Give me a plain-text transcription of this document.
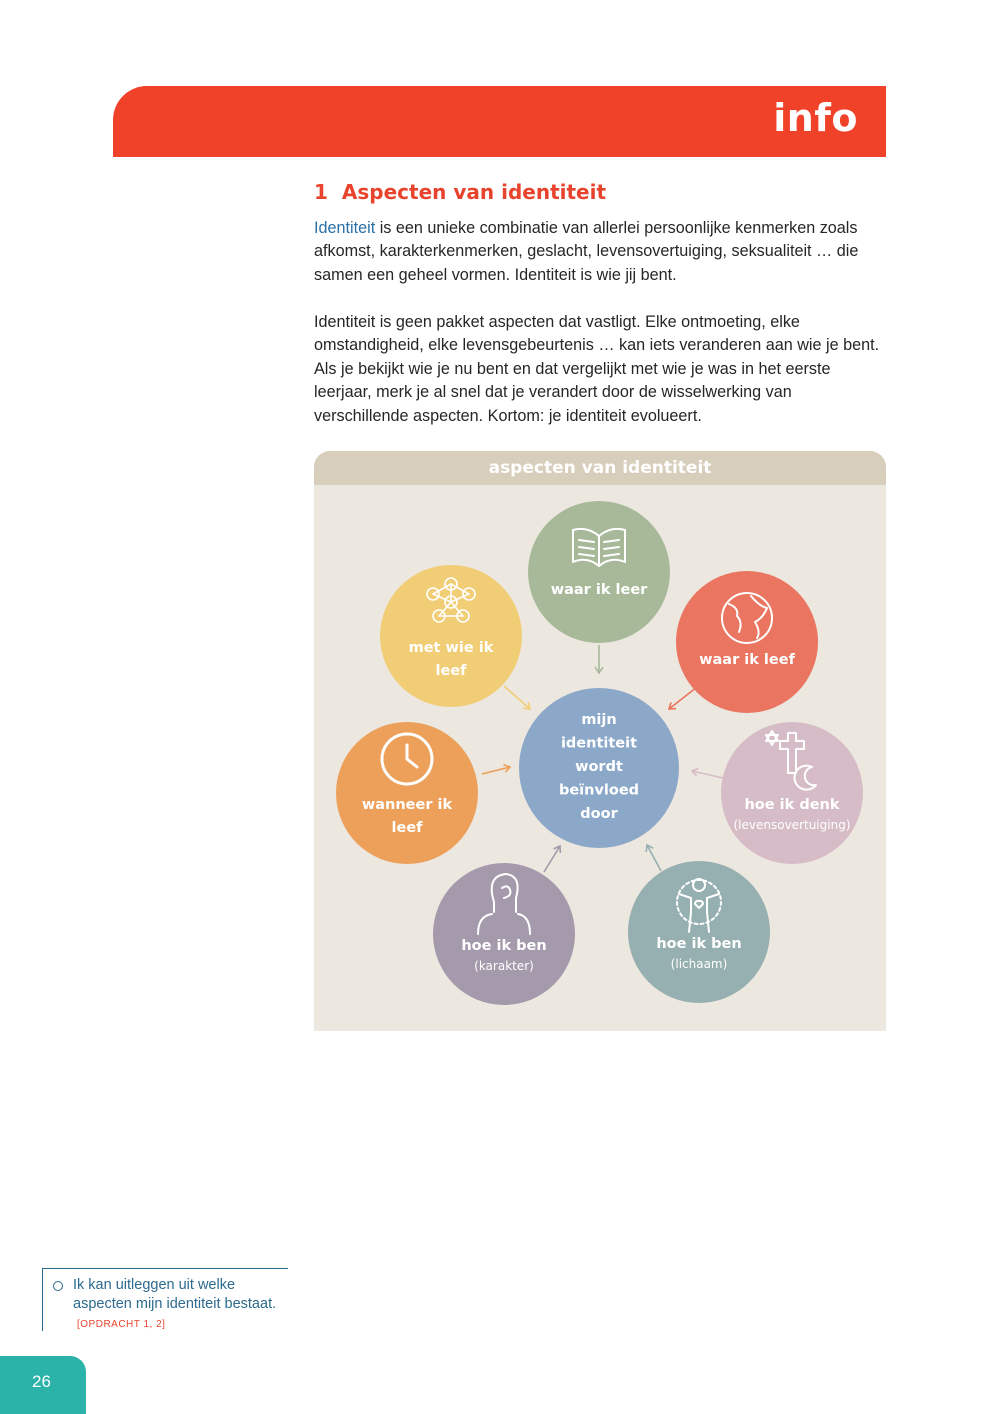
info
1 Aspecten van identiteit

Identiteit is een unieke combinatie van allerlei persoonlijke kenmerken zoals afkomst, karakterkenmerken, geslacht, levensovertuiging, seksualiteit … die samen een geheel vormen. Identiteit is wie jij bent.

Identiteit is geen pakket aspecten dat vastligt. Elke ontmoeting, elke omstandigheid, elke levensgebeurtenis … kan iets veranderen aan wie je bent. Als je bekijkt wie je nu bent en dat vergelijkt met wie je was in het eerste leerjaar, merk je al snel dat je verandert door de wisselwerking van verschillende aspecten. Kortom: je identiteit evolueert.

aspecten van identiteit
mijn
identiteit
wordt
beïnvloed
door
waar ik leer
waar ik leef
hoe ik denk
(levensovertuiging)
hoe ik ben
(lichaam)
hoe ik ben
(karakter)
wanneer ik
leef
met wie ik
leef
Ik kan uitleggen uit welke aspecten mijn identiteit bestaat.[OPDRACHT 1, 2]
26
